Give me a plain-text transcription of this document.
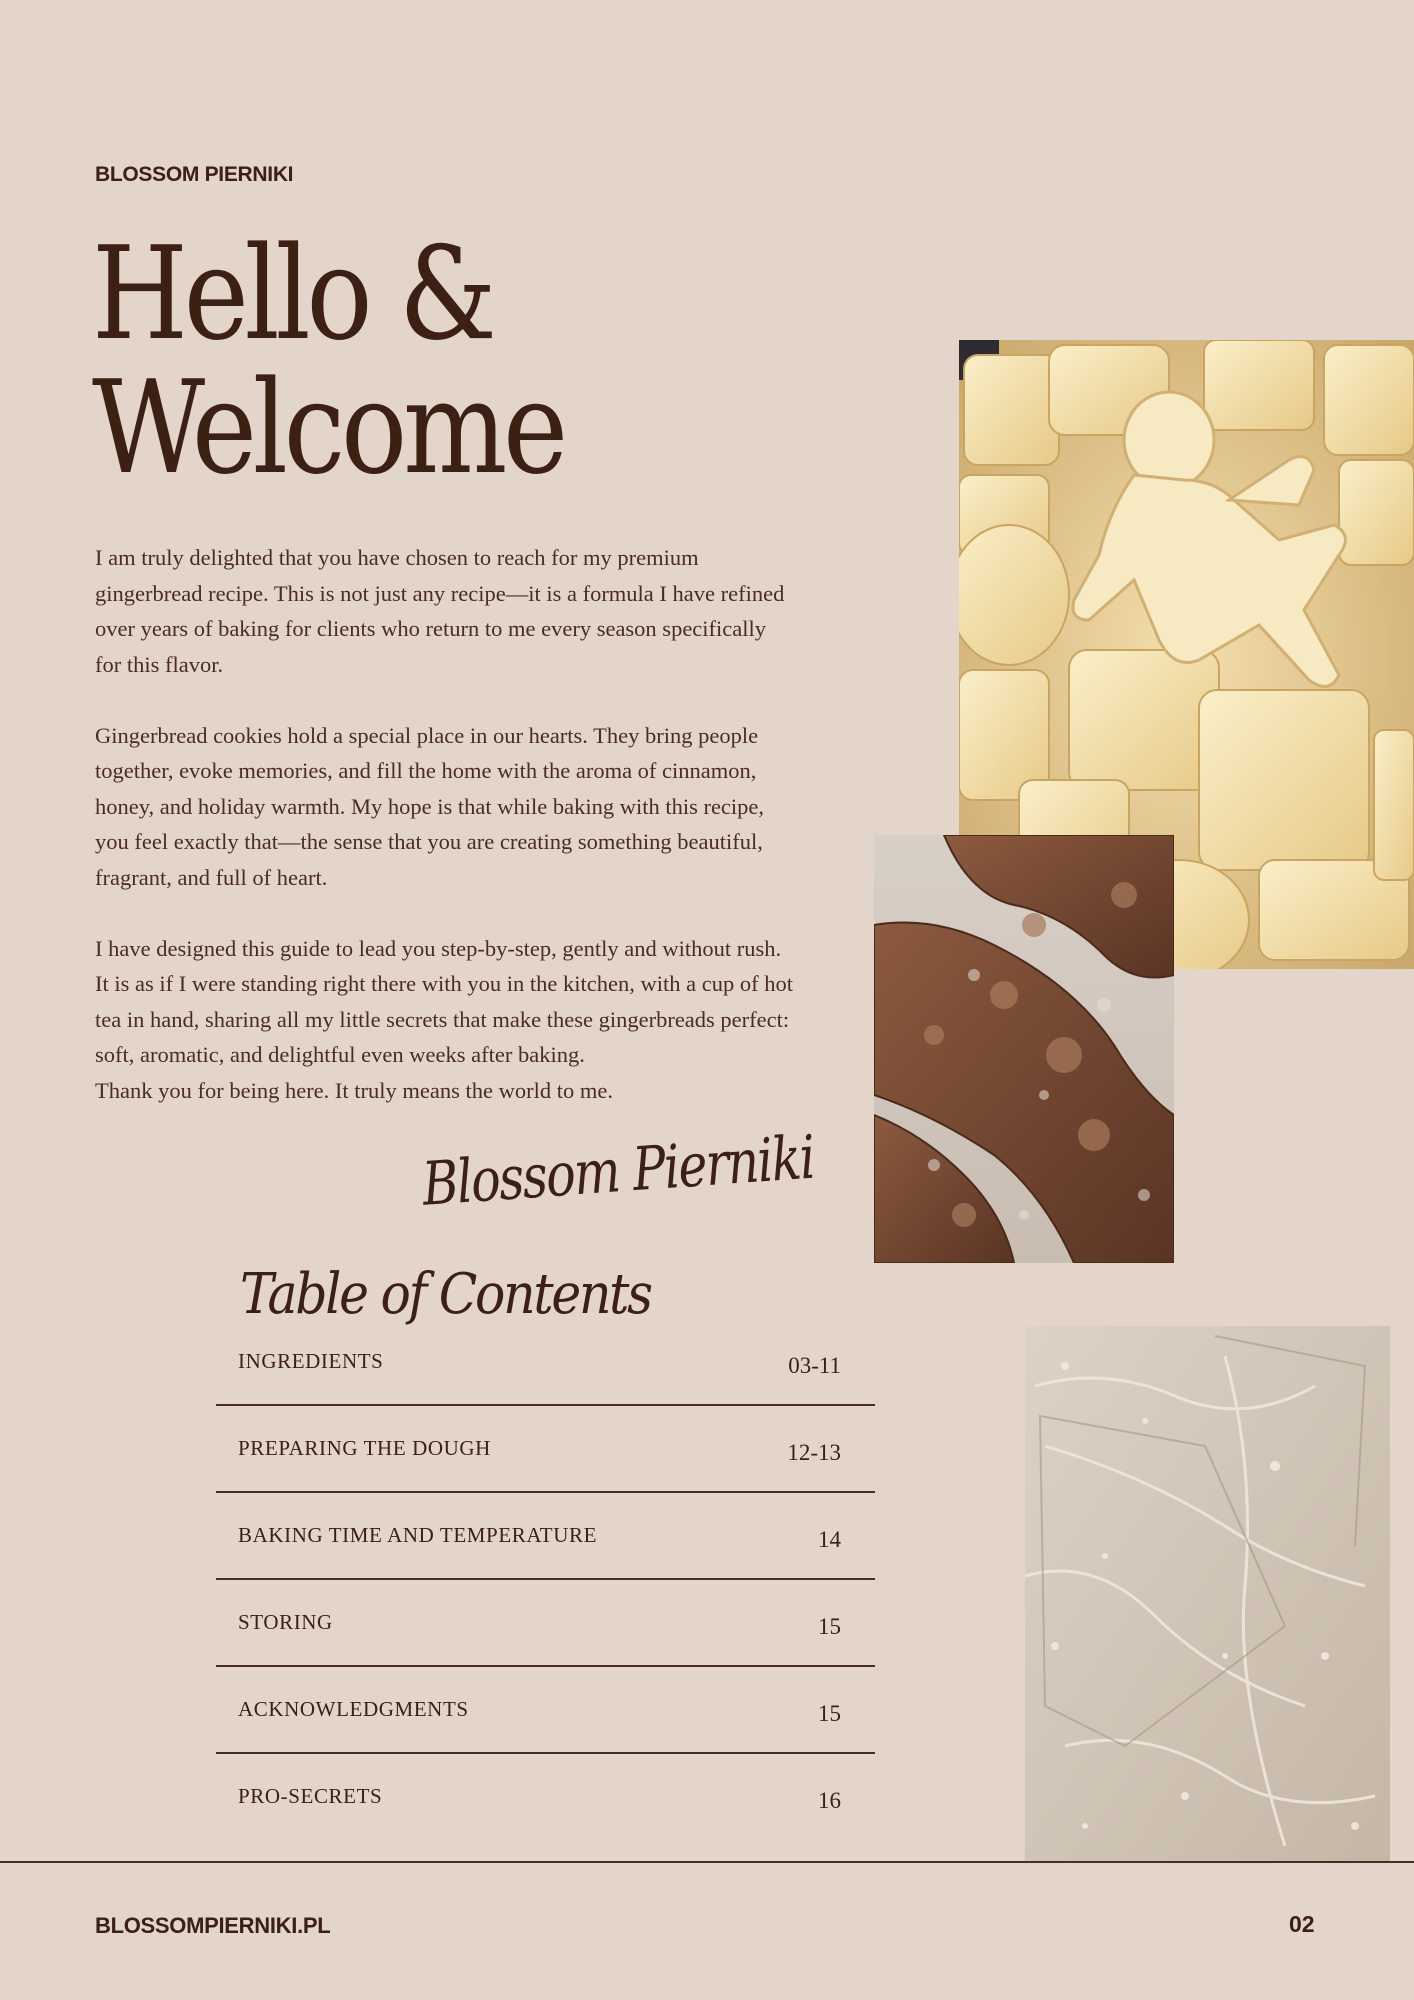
BLOSSOM PIERNIKI
Hello &
Welcome

I am truly delighted that you have chosen to reach for my premium gingerbread recipe. This is not just any recipe—it is a formula I have refined over years of baking for clients who return to me every season specifically for this flavor.

Gingerbread cookies hold a special place in our hearts. They bring people together, evoke memories, and fill the home with the aroma of cinnamon, honey, and holiday warmth. My hope is that while baking with this recipe, you feel exactly that—the sense that you are creating something beautiful, fragrant, and full of heart.

I have designed this guide to lead you step-by-step, gently and without rush. It is as if I were standing right there with you in the kitchen, with a cup of hot tea in hand, sharing all my little secrets that make these gingerbreads perfect: soft, aromatic, and delightful even weeks after baking.

Thank you for being here. It truly means the world to me.

Blossom Pierniki
Table of Contents
INGREDIENTS	03-11
PREPARING THE DOUGH	12-13
BAKING TIME AND TEMPERATURE	14
STORING	15
ACKNOWLEDGMENTS	15
PRO-SECRETS	16
BLOSSOMPIERNIKI.PL	02
